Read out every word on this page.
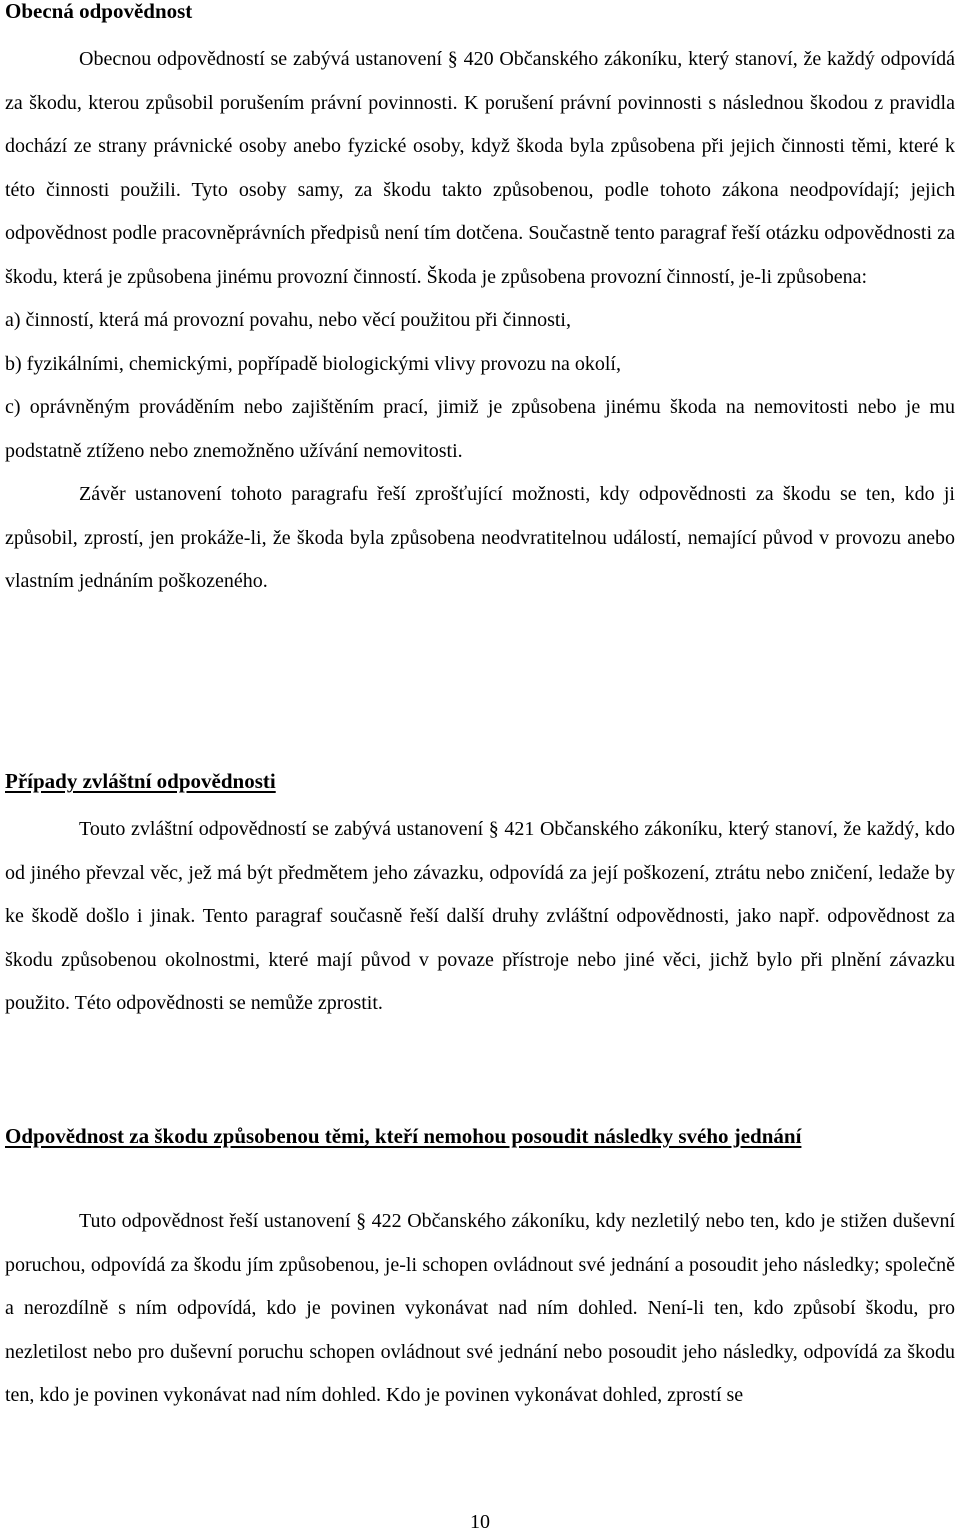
Obecná odpovědnost

Obecnou odpovědností se zabývá ustanovení § 420 Občanského zákoníku, který stanoví, že každý odpovídá za škodu, kterou způsobil porušením právní povinnosti. K porušení právní povinnosti s následnou škodou z pravidla dochází ze strany právnické osoby anebo fyzické osoby, když škoda byla způsobena při jejich činnosti těmi, které k této činnosti použili. Tyto osoby samy, za škodu takto způsobenou, podle tohoto zákona neodpovídají; jejich odpovědnost podle pracovněprávních předpisů není tím dotčena. Součastně tento paragraf řeší otázku odpovědnosti za škodu, která je způsobena jinému provozní činností. Škoda je způsobena provozní činností, je-li způsobena:

a) činností, která má provozní povahu, nebo věcí použitou při činnosti,

b) fyzikálními, chemickými, popřípadě biologickými vlivy provozu na okolí,

c) oprávněným prováděním nebo zajištěním prací, jimiž je způsobena jinému škoda na nemovitosti nebo je mu podstatně ztíženo nebo znemožněno užívání nemovitosti.

Závěr ustanovení tohoto paragrafu řeší zprošťující možnosti, kdy odpovědnosti za škodu se ten, kdo ji způsobil, zprostí, jen prokáže-li, že škoda byla způsobena neodvratitelnou událostí, nemající původ v provozu anebo vlastním jednáním poškozeného.

Případy zvláštní odpovědnosti

Touto zvláštní odpovědností se zabývá ustanovení § 421 Občanského zákoníku, který stanoví, že každý, kdo od jiného převzal věc, jež má být předmětem jeho závazku, odpovídá za její poškození, ztrátu nebo zničení, ledaže by ke škodě došlo i jinak. Tento paragraf současně řeší další druhy zvláštní odpovědnosti, jako např. odpovědnost za škodu způsobenou okolnostmi, které mají původ v povaze přístroje nebo jiné věci, jichž bylo při plnění závazku použito. Této odpovědnosti se nemůže zprostit.

Odpovědnost za škodu způsobenou těmi, kteří nemohou posoudit následky svého jednání

Tuto odpovědnost řeší ustanovení § 422 Občanského zákoníku, kdy nezletilý nebo ten, kdo je stižen duševní poruchou, odpovídá za škodu jím způsobenou, je-li schopen ovládnout své jednání a posoudit jeho následky; společně a nerozdílně s ním odpovídá, kdo je povinen vykonávat nad ním dohled. Není-li ten, kdo způsobí škodu, pro nezletilost nebo pro duševní poruchu schopen ovládnout své jednání nebo posoudit jeho následky, odpovídá za škodu ten, kdo je povinen vykonávat nad ním dohled. Kdo je povinen vykonávat dohled, zprostí se

10
